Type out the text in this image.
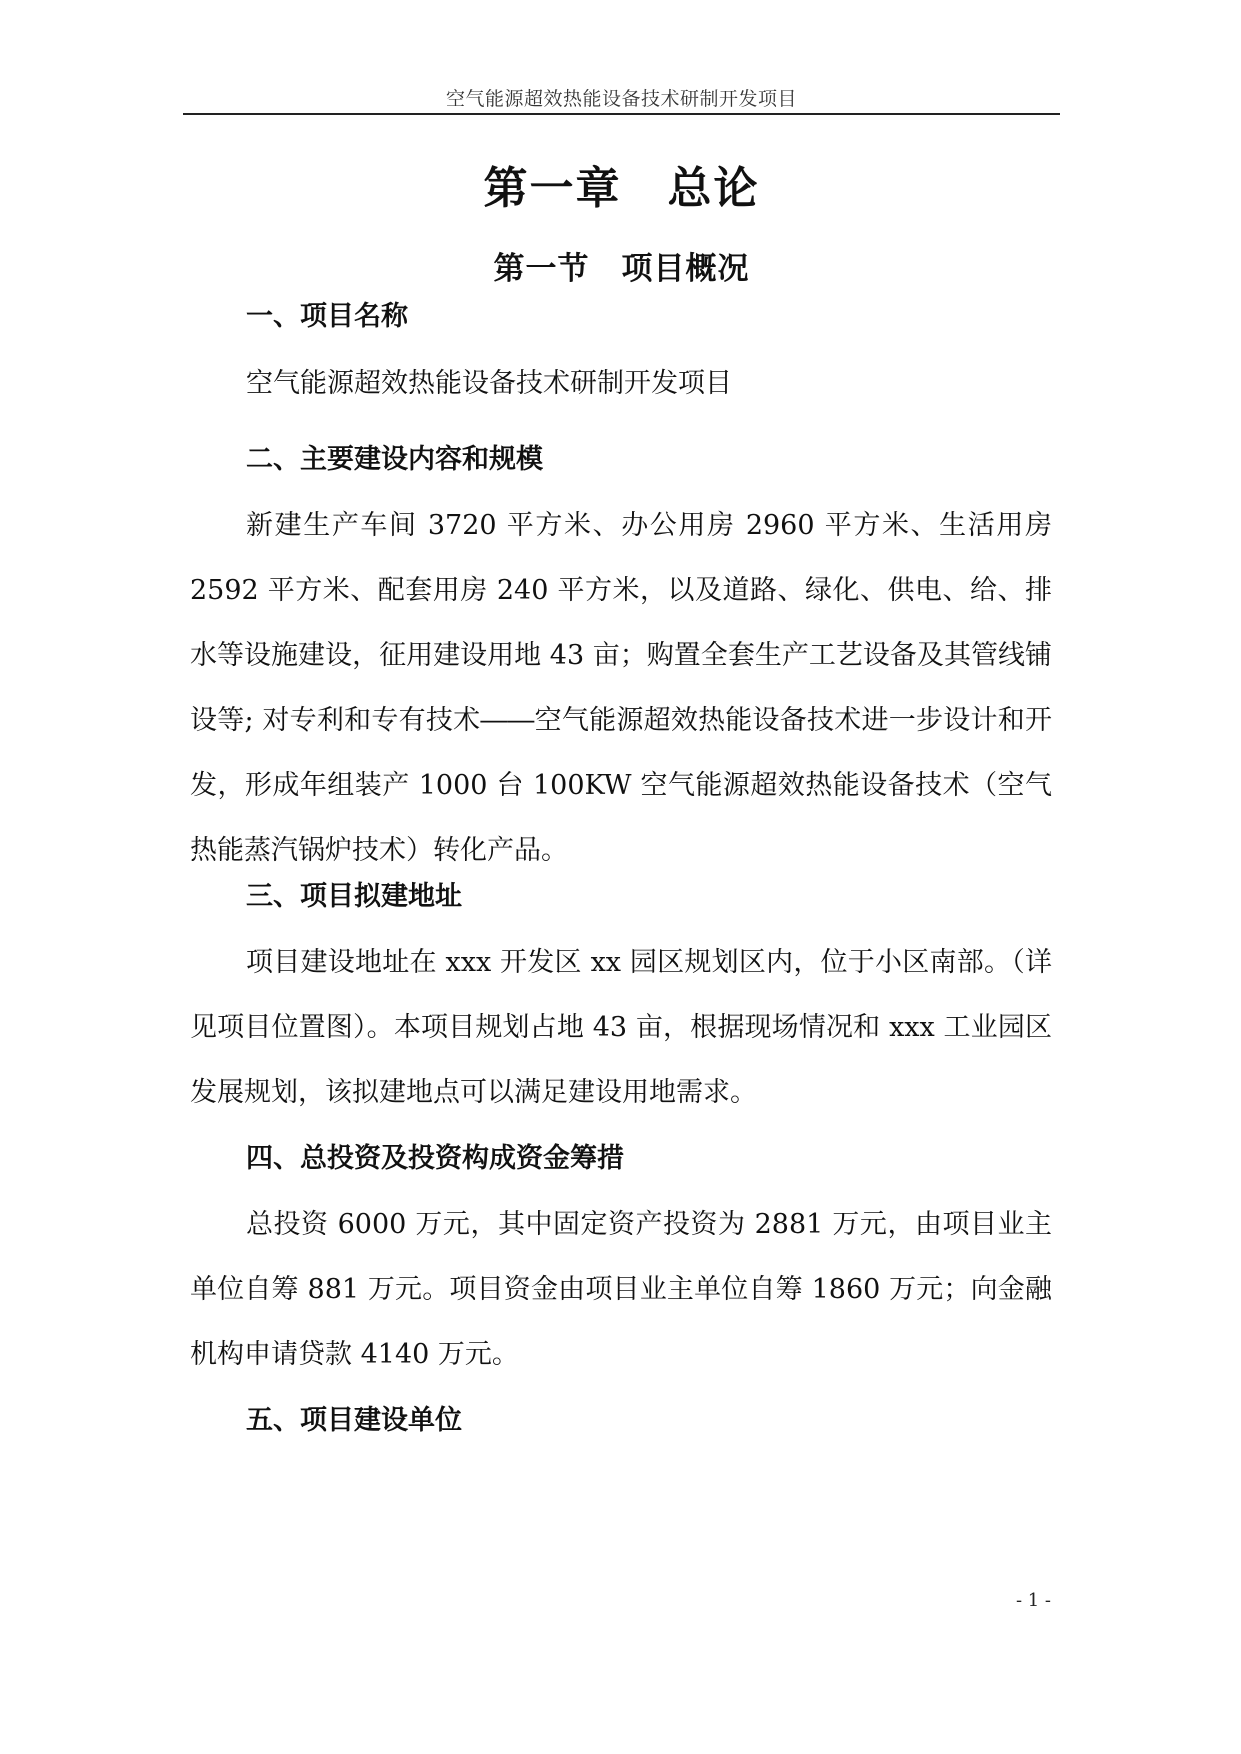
空气能源超效热能设备技术研制开发项目
第一章　总论
第一节　项目概况
一、项目名称
空气能源超效热能设备技术研制开发项目
二、主要建设内容和规模
新建生产车间 3720 平方米、办公用房 2960 平方米、生活用房 2592 平方米、配套用房 240 平方米，以及道路、绿化、供电、给、排水等设施建设，征用建设用地 43 亩；购置全套生产工艺设备及其管线铺设等; 对专利和专有技术――空气能源超效热能设备技术进一步设计和开发，形成年组装产 1000 台 100KW 空气能源超效热能设备技术（空气热能蒸汽锅炉技术）转化产品。
三、项目拟建地址
项目建设地址在 xxx 开发区 xx 园区规划区内，位于小区南部。（详见项目位置图）。本项目规划占地 43 亩，根据现场情况和 xxx 工业园区发展规划，该拟建地点可以满足建设用地需求。
四、总投资及投资构成资金筹措
总投资 6000 万元，其中固定资产投资为 2881 万元，由项目业主单位自筹 881 万元。项目资金由项目业主单位自筹 1860 万元；向金融机构申请贷款 4140 万元。
五、项目建设单位
- 1 -
